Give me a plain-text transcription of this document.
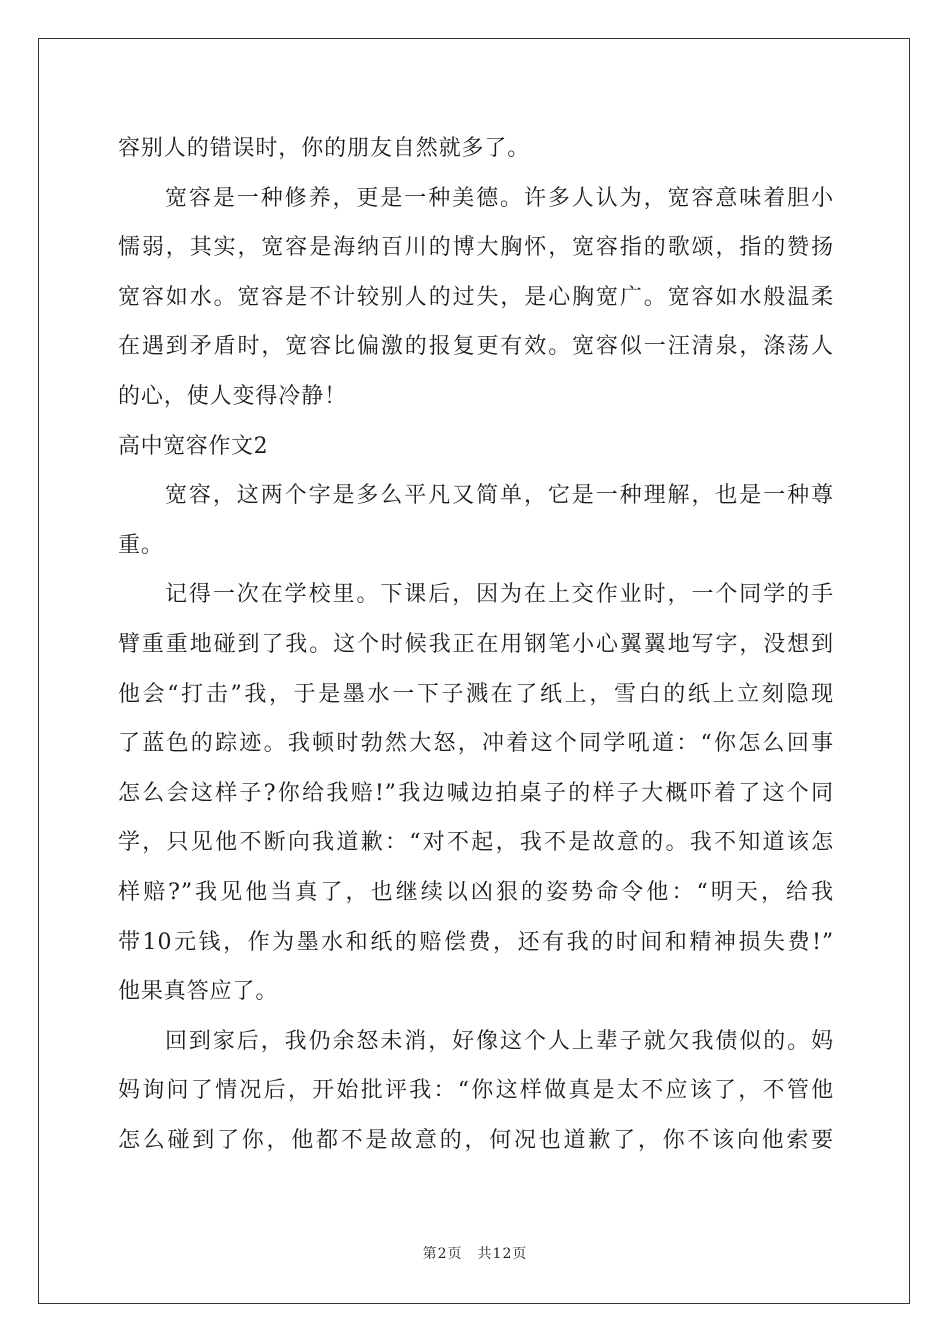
容别人的错误时，你的朋友自然就多了。
宽容是一种修养，更是一种美德。许多人认为，宽容意味着胆小
懦弱，其实，宽容是海纳百川的博大胸怀，宽容指的歌颂，指的赞扬
宽容如水。宽容是不计较别人的过失，是心胸宽广。宽容如水般温柔
在遇到矛盾时，宽容比偏激的报复更有效。宽容似一汪清泉，涤荡人
的心，使人变得冷静！
高中宽容作文2
宽容，这两个字是多么平凡又简单，它是一种理解，也是一种尊
重。
记得一次在学校里。下课后，因为在上交作业时，一个同学的手
臂重重地碰到了我。这个时候我正在用钢笔小心翼翼地写字，没想到
他会“打击”我，于是墨水一下子溅在了纸上，雪白的纸上立刻隐现
了蓝色的踪迹。我顿时勃然大怒，冲着这个同学吼道：“你怎么回事
怎么会这样子?你给我赔!”我边喊边拍桌子的样子大概吓着了这个同
学，只见他不断向我道歉：“对不起，我不是故意的。我不知道该怎
样赔?”我见他当真了，也继续以凶狠的姿势命令他：“明天，给我
带10元钱，作为墨水和纸的赔偿费，还有我的时间和精神损失费!”
他果真答应了。
回到家后，我仍余怒未消，好像这个人上辈子就欠我债似的。妈
妈询问了情况后，开始批评我：“你这样做真是太不应该了，不管他
怎么碰到了你，他都不是故意的，何况也道歉了，你不该向他索要
第2页　共12页
